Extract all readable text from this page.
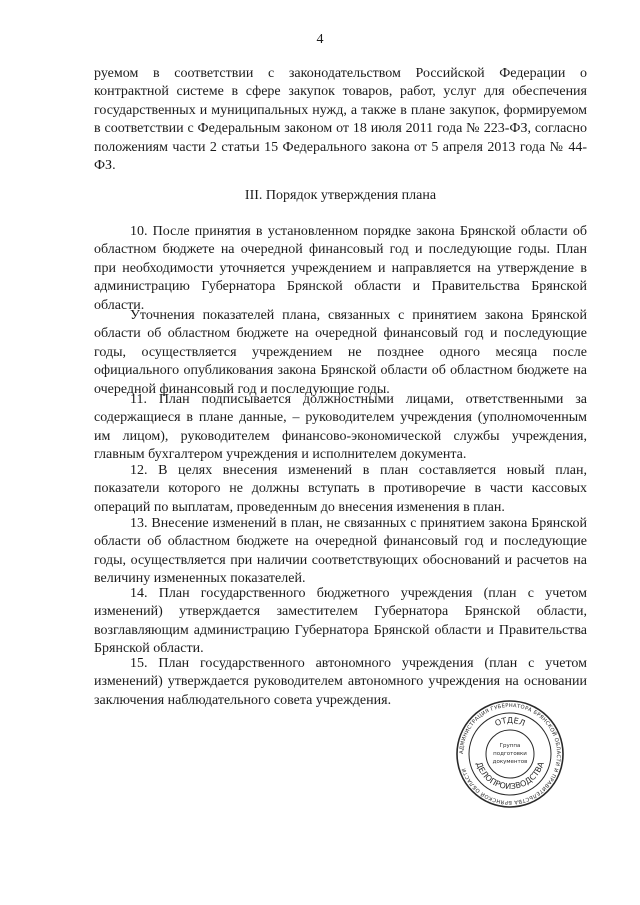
4

руемом в соответствии с законодательством Российской Федерации о контрактной системе в сфере закупок товаров, работ, услуг для обеспечения государственных и муниципальных нужд, а также в плане закупок, формируемом в соответствии с Федеральным законом от 18 июля 2011 года № 223-ФЗ, согласно положениям части 2 статьи 15 Федерального закона от 5 апреля 2013 года № 44-ФЗ.

III. Порядок утверждения плана

10. После принятия в установленном порядке закона Брянской области об областном бюджете на очередной финансовый год и последующие годы. План при необходимости уточняется учреждением и направляется на утверждение в администрацию Губернатора Брянской области и Правительства Брянской области.

Уточнения показателей плана, связанных с принятием закона Брянской области об областном бюджете на очередной финансовый год и последующие годы, осуществляется учреждением не позднее одного месяца после официального опубликования закона Брянской области об областном бюджете на очередной финансовый год и последующие годы.

11. План подписывается должностными лицами, ответственными за содержащиеся в плане данные, – руководителем учреждения (уполномоченным им лицом), руководителем финансово-экономической службы учреждения, главным бухгалтером учреждения и исполнителем документа.

12. В целях внесения изменений в план составляется новый план, показатели которого не должны вступать в противоречие в части кассовых операций по выплатам, проведенным до внесения изменения в план.

13. Внесение изменений в план, не связанных с принятием закона Брянской области об областном бюджете на очередной финансовый год и последующие годы, осуществляется при наличии соответствующих обоснований и расчетов на величину измененных показателей.

14. План государственного бюджетного учреждения (план с учетом изменений) утверждается заместителем Губернатора Брянской области, возглавляющим администрацию Губернатора Брянской области и Правительства Брянской области.

15. План государственного автономного учреждения (план с учетом изменений) утверждается руководителем автономного учреждения на основании заключения наблюдательного совета учреждения.

АДМИНИСТРАЦИЯ ГУБЕРНАТОРА БРЯНСКОЙ ОБЛАСТИ И ПРАВИТЕЛЬСТВА БРЯНСКОЙ ОБЛАСТИ
ОТДЕЛ
ДЕЛОПРОИЗВОДСТВА
Группа
подготовки
документов
